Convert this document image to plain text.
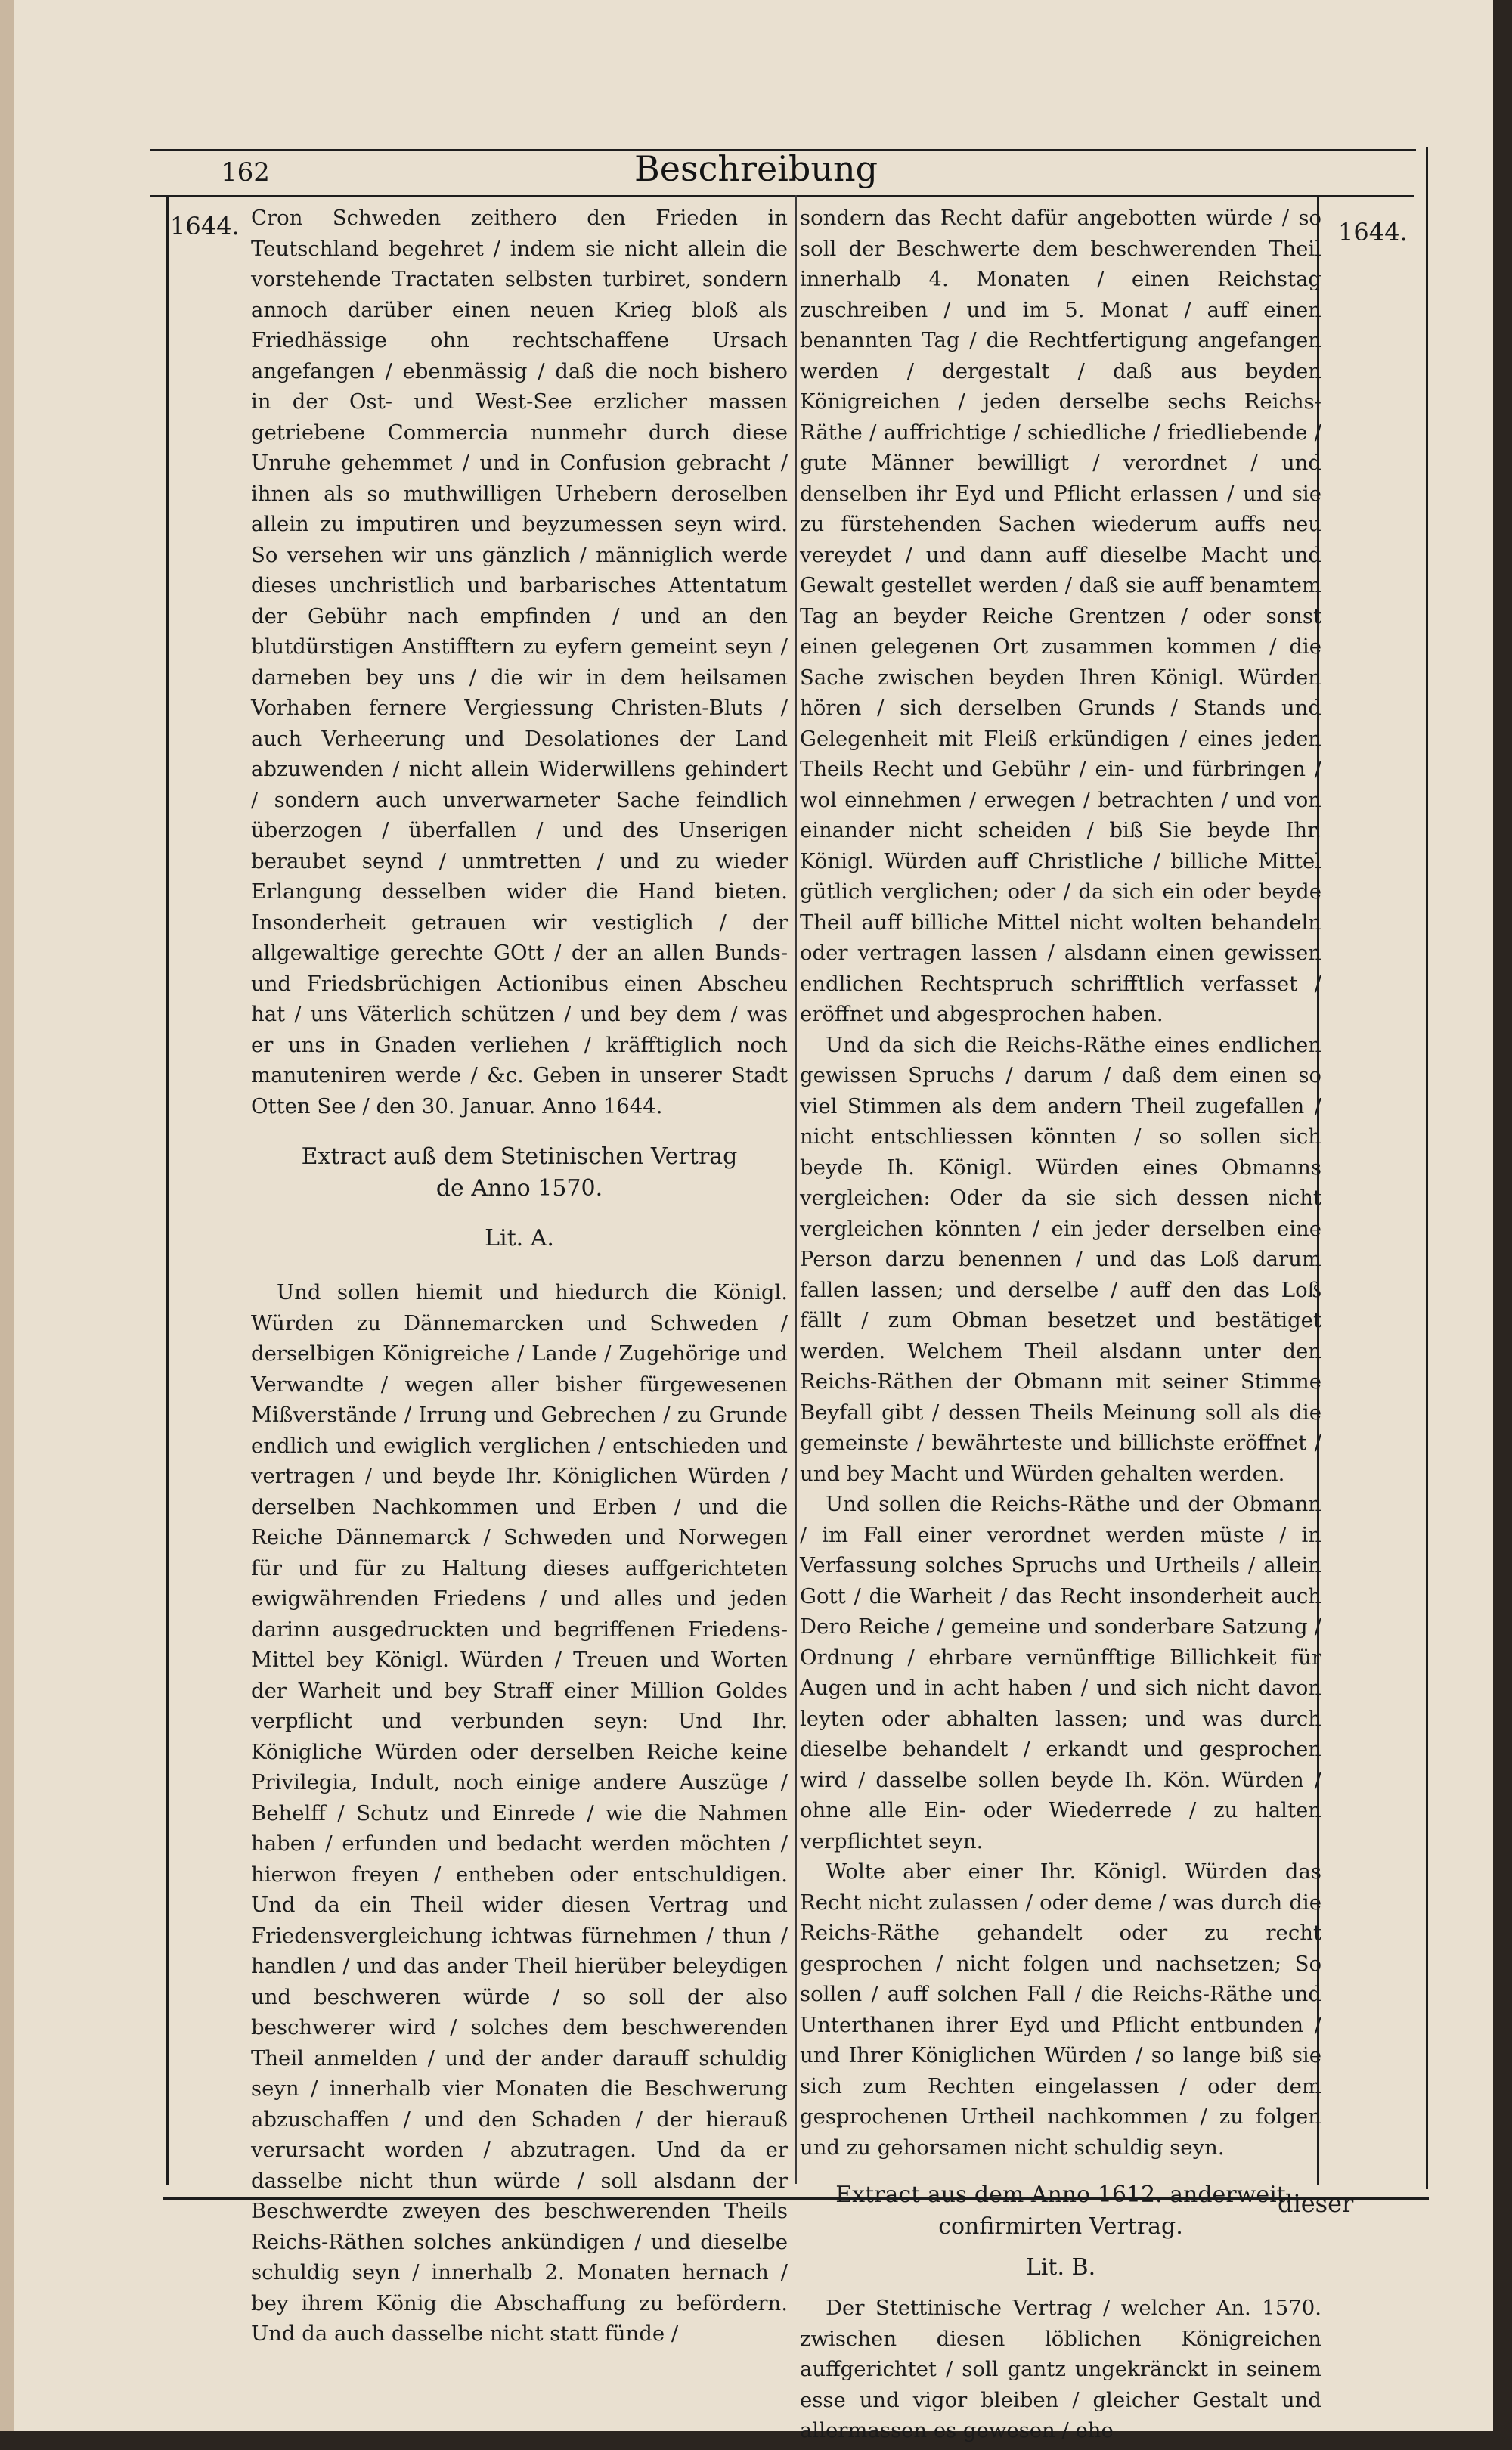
162	Beschreibung
1644.	1644.

Cron Schweden zeithero den Frieden in Teutschland begehret / indem sie nicht allein die vorstehende Tractaten selbsten turbiret, sondern annoch darüber einen neuen Krieg bloß als Friedhässige ohn rechtschaffene Ursach angefangen / ebenmässig / daß die noch bishero in der Ost- und West-See erzlicher massen getriebene Commercia nunmehr durch diese Unruhe gehemmet / und in Confusion gebracht / ihnen als so muthwilligen Urhebern deroselben allein zu imputiren und beyzumessen seyn wird. So versehen wir uns gänzlich / männiglich werde dieses unchristlich und barbarisches Attentatum der Gebühr nach empfinden / und an den blutdürstigen Anstifftern zu eyfern gemeint seyn / darneben bey uns / die wir in dem heilsamen Vorhaben fernere Vergiessung Christen-Bluts / auch Verheerung und Desolationes der Land abzuwenden / nicht allein Widerwillens gehindert / sondern auch unverwarneter Sache feindlich überzogen / überfallen / und des Unserigen beraubet seynd / unmtretten / und zu wieder Erlangung desselben wider die Hand bieten. Insonderheit getrauen wir vestiglich / der allgewaltige gerechte GOtt / der an allen Bunds- und Friedsbrüchigen Actionibus einen Abscheu hat / uns Väterlich schützen / und bey dem / was er uns in Gnaden verliehen / kräfftiglich noch manuteniren werde / &c. Geben in unserer Stadt Otten See / den 30. Januar. Anno 1644.

Extract auß dem Stetinischen Vertrag

de Anno 1570.

Lit. A.

Und sollen hiemit und hiedurch die Königl. Würden zu Dännemarcken und Schweden / derselbigen Königreiche / Lande / Zugehörige und Verwandte / wegen aller bisher fürgewesenen Mißverstände / Irrung und Gebrechen / zu Grunde endlich und ewiglich verglichen / entschieden und vertragen / und beyde Ihr. Königlichen Würden / derselben Nachkommen und Erben / und die Reiche Dännemarck / Schweden und Norwegen für und für zu Haltung dieses auffgerichteten ewigwährenden Friedens / und alles und jeden darinn ausgedruckten und begriffenen Friedens-Mittel bey Königl. Würden / Treuen und Worten der Warheit und bey Straff einer Million Goldes verpflicht und verbunden seyn: Und Ihr. Königliche Würden oder derselben Reiche keine Privilegia, Indult, noch einige andere Auszüge / Behelff / Schutz und Einrede / wie die Nahmen haben / erfunden und bedacht werden möchten / hierwon freyen / entheben oder entschuldigen. Und da ein Theil wider diesen Vertrag und Friedensvergleichung ichtwas fürnehmen / thun / handlen / und das ander Theil hierüber beleydigen und beschweren würde / so soll der also beschwerer wird / solches dem beschwerenden Theil anmelden / und der ander darauff schuldig seyn / innerhalb vier Monaten die Beschwerung abzuschaffen / und den Schaden / der hierauß verursacht worden / abzutragen. Und da er dasselbe nicht thun würde / soll alsdann der Beschwerdte zweyen des beschwerenden Theils Reichs-Räthen solches ankündigen / und dieselbe schuldig seyn / innerhalb 2. Monaten hernach / bey ihrem König die Abschaffung zu befördern. Und da auch dasselbe nicht statt fünde /

sondern das Recht dafür angebotten würde / so soll der Beschwerte dem beschwerenden Theil innerhalb 4. Monaten / einen Reichstag zuschreiben / und im 5. Monat / auff einen benannten Tag / die Rechtfertigung angefangen werden / dergestalt / daß aus beyden Königreichen / jeden derselbe sechs Reichs-Räthe / auffrichtige / schiedliche / friedliebende / gute Männer bewilligt / verordnet / und denselben ihr Eyd und Pflicht erlassen / und sie zu fürstehenden Sachen wiederum auffs neu vereydet / und dann auff dieselbe Macht und Gewalt gestellet werden / daß sie auff benamtem Tag an beyder Reiche Grentzen / oder sonst einen gelegenen Ort zusammen kommen / die Sache zwischen beyden Ihren Königl. Würden hören / sich derselben Grunds / Stands und Gelegenheit mit Fleiß erkündigen / eines jeden Theils Recht und Gebühr / ein- und fürbringen / wol einnehmen / erwegen / betrachten / und von einander nicht scheiden / biß Sie beyde Ihr. Königl. Würden auff Christliche / billiche Mittel gütlich verglichen; oder / da sich ein oder beyde Theil auff billiche Mittel nicht wolten behandeln oder vertragen lassen / alsdann einen gewissen endlichen Rechtspruch schrifftlich verfasset / eröffnet und abgesprochen haben.

Und da sich die Reichs-Räthe eines endlichen gewissen Spruchs / darum / daß dem einen so viel Stimmen als dem andern Theil zugefallen / nicht entschliessen könnten / so sollen sich beyde Ih. Königl. Würden eines Obmanns vergleichen: Oder da sie sich dessen nicht vergleichen könnten / ein jeder derselben eine Person darzu benennen / und das Loß darum fallen lassen; und derselbe / auff den das Loß fällt / zum Obman besetzet und bestätiget werden. Welchem Theil alsdann unter den Reichs-Räthen der Obmann mit seiner Stimme Beyfall gibt / dessen Theils Meinung soll als die gemeinste / bewährteste und billichste eröffnet / und bey Macht und Würden gehalten werden.

Und sollen die Reichs-Räthe und der Obmann / im Fall einer verordnet werden müste / in Verfassung solches Spruchs und Urtheils / allein Gott / die Warheit / das Recht insonderheit auch Dero Reiche / gemeine und sonderbare Satzung / Ordnung / ehrbare vernünfftige Billichkeit für Augen und in acht haben / und sich nicht davon leyten oder abhalten lassen; und was durch dieselbe behandelt / erkandt und gesprochen wird / dasselbe sollen beyde Ih. Kön. Würden / ohne alle Ein- oder Wiederrede / zu halten verpflichtet seyn.

Wolte aber einer Ihr. Königl. Würden das Recht nicht zulassen / oder deme / was durch die Reichs-Räthe gehandelt oder zu recht gesprochen / nicht folgen und nachsetzen; So sollen / auff solchen Fall / die Reichs-Räthe und Unterthanen ihrer Eyd und Pflicht entbunden / und Ihrer Königlichen Würden / so lange biß sie sich zum Rechten eingelassen / oder dem gesprochenen Urtheil nachkommen / zu folgen und zu gehorsamen nicht schuldig seyn.

Extract aus dem Anno 1612. anderweit confirmirten Vertrag.

Lit. B.

Der Stettinische Vertrag / welcher An. 1570. zwischen diesen löblichen Königreichen auffgerichtet / soll gantz ungekränckt in seinem esse und vigor bleiben / gleicher Gestalt und allermassen es gewesen / ehe

dieser
